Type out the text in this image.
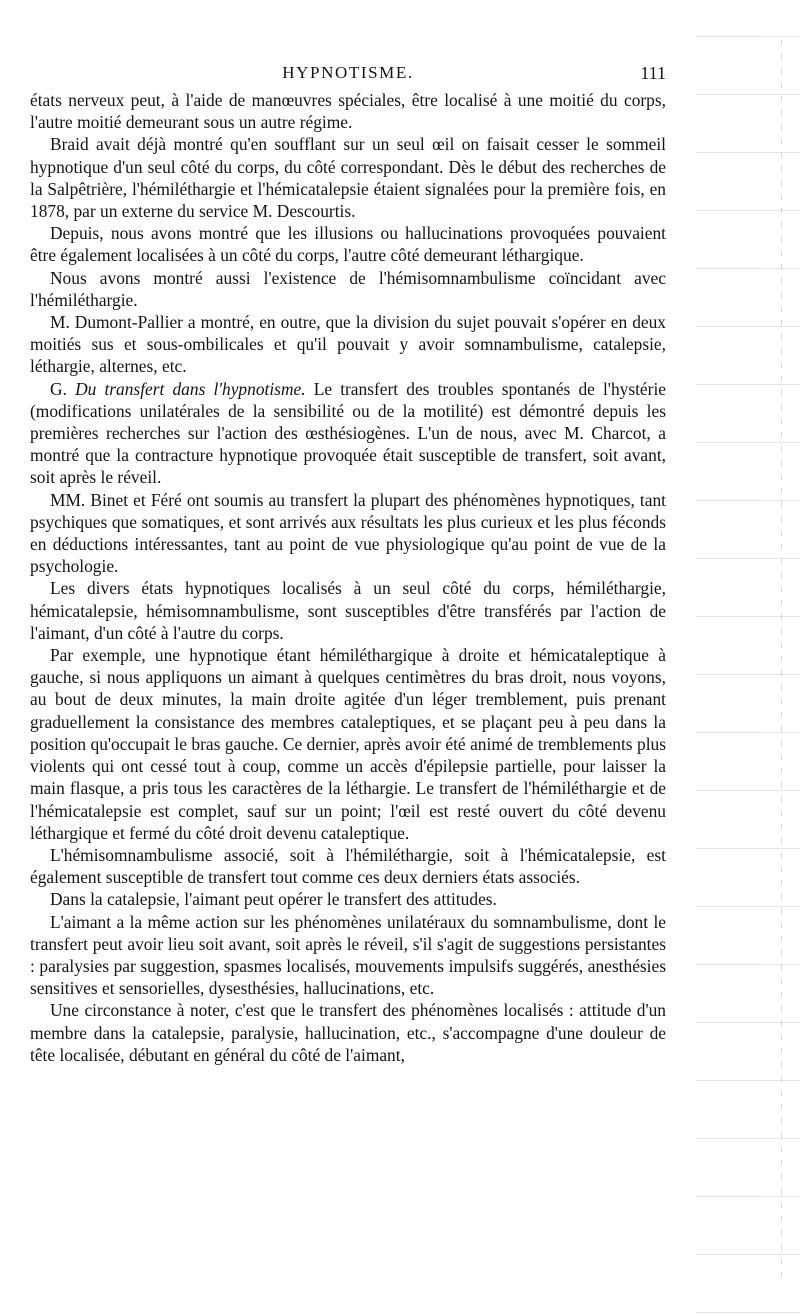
HYPNOTISME.	111

états nerveux peut, à l'aide de manœuvres spéciales, être localisé à une moitié du corps, l'autre moitié demeurant sous un autre régime.

Braid avait déjà montré qu'en soufflant sur un seul œil on faisait cesser le sommeil hypnotique d'un seul côté du corps, du côté correspondant. Dès le début des recherches de la Salpêtrière, l'hémiléthargie et l'hémicatalepsie étaient signalées pour la première fois, en 1878, par un externe du service M. Descourtis.

Depuis, nous avons montré que les illusions ou hallucinations provoquées pouvaient être également localisées à un côté du corps, l'autre côté demeurant léthargique.

Nous avons montré aussi l'existence de l'hémisomnambulisme coïncidant avec l'hémiléthargie.

M. Dumont-Pallier a montré, en outre, que la division du sujet pouvait s'opérer en deux moitiés sus et sous-ombilicales et qu'il pouvait y avoir somnambulisme, catalepsie, léthargie, alternes, etc.

G. Du transfert dans l'hypnotisme. Le transfert des troubles spontanés de l'hystérie (modifications unilatérales de la sensibilité ou de la motilité) est démontré depuis les premières recherches sur l'action des œsthésiogènes. L'un de nous, avec M. Charcot, a montré que la contracture hypnotique provoquée était susceptible de transfert, soit avant, soit après le réveil.

MM. Binet et Féré ont soumis au transfert la plupart des phénomènes hypnotiques, tant psychiques que somatiques, et sont arrivés aux résultats les plus curieux et les plus féconds en déductions intéressantes, tant au point de vue physiologique qu'au point de vue de la psychologie.

Les divers états hypnotiques localisés à un seul côté du corps, hémiléthargie, hémicatalepsie, hémisomnambulisme, sont susceptibles d'être transférés par l'action de l'aimant, d'un côté à l'autre du corps.

Par exemple, une hypnotique étant hémiléthargique à droite et hémicataleptique à gauche, si nous appliquons un aimant à quelques centimètres du bras droit, nous voyons, au bout de deux minutes, la main droite agitée d'un léger tremblement, puis prenant graduellement la consistance des membres cataleptiques, et se plaçant peu à peu dans la position qu'occupait le bras gauche. Ce dernier, après avoir été animé de tremblements plus violents qui ont cessé tout à coup, comme un accès d'épilepsie partielle, pour laisser la main flasque, a pris tous les caractères de la léthargie. Le transfert de l'hémiléthargie et de l'hémicatalepsie est complet, sauf sur un point; l'œil est resté ouvert du côté devenu léthargique et fermé du côté droit devenu cataleptique.

L'hémisomnambulisme associé, soit à l'hémiléthargie, soit à l'hémicatalepsie, est également susceptible de transfert tout comme ces deux derniers états associés.

Dans la catalepsie, l'aimant peut opérer le transfert des attitudes.

L'aimant a la même action sur les phénomènes unilatéraux du somnambulisme, dont le transfert peut avoir lieu soit avant, soit après le réveil, s'il s'agit de suggestions persistantes : paralysies par suggestion, spasmes localisés, mouvements impulsifs suggérés, anesthésies sensitives et sensorielles, dysesthésies, hallucinations, etc.

Une circonstance à noter, c'est que le transfert des phénomènes localisés : attitude d'un membre dans la catalepsie, paralysie, hallucination, etc., s'accompagne d'une douleur de tête localisée, débutant en général du côté de l'aimant,
